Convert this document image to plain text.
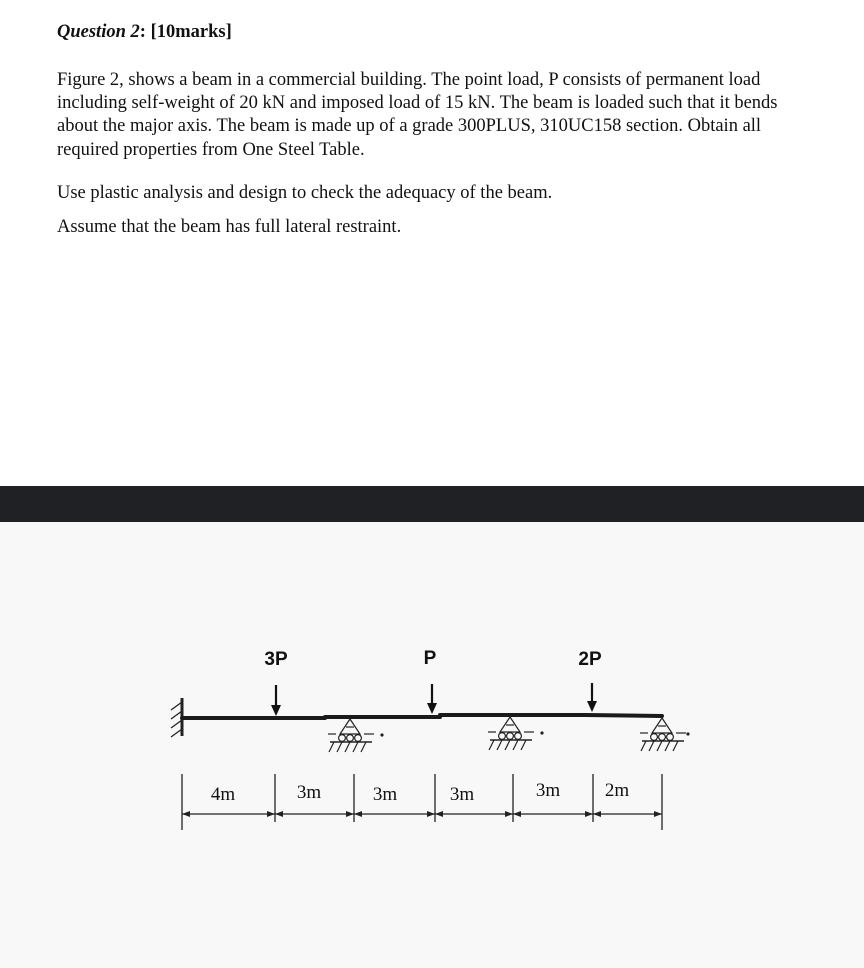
Question 2: [10marks]
Figure 2, shows a beam in a commercial building. The point load, P consists of permanent load including self-weight of 20 kN and imposed load of 15 kN. The beam is loaded such that it bends about the major axis. The beam is made up of a grade 300PLUS, 310UC158 section. Obtain all required properties from One Steel Table.
Use plastic analysis and design to check the adequacy of the beam.
Assume that the beam has full lateral restraint.
3P	P	2P
4m	3m	3m	3m	3m 2m
